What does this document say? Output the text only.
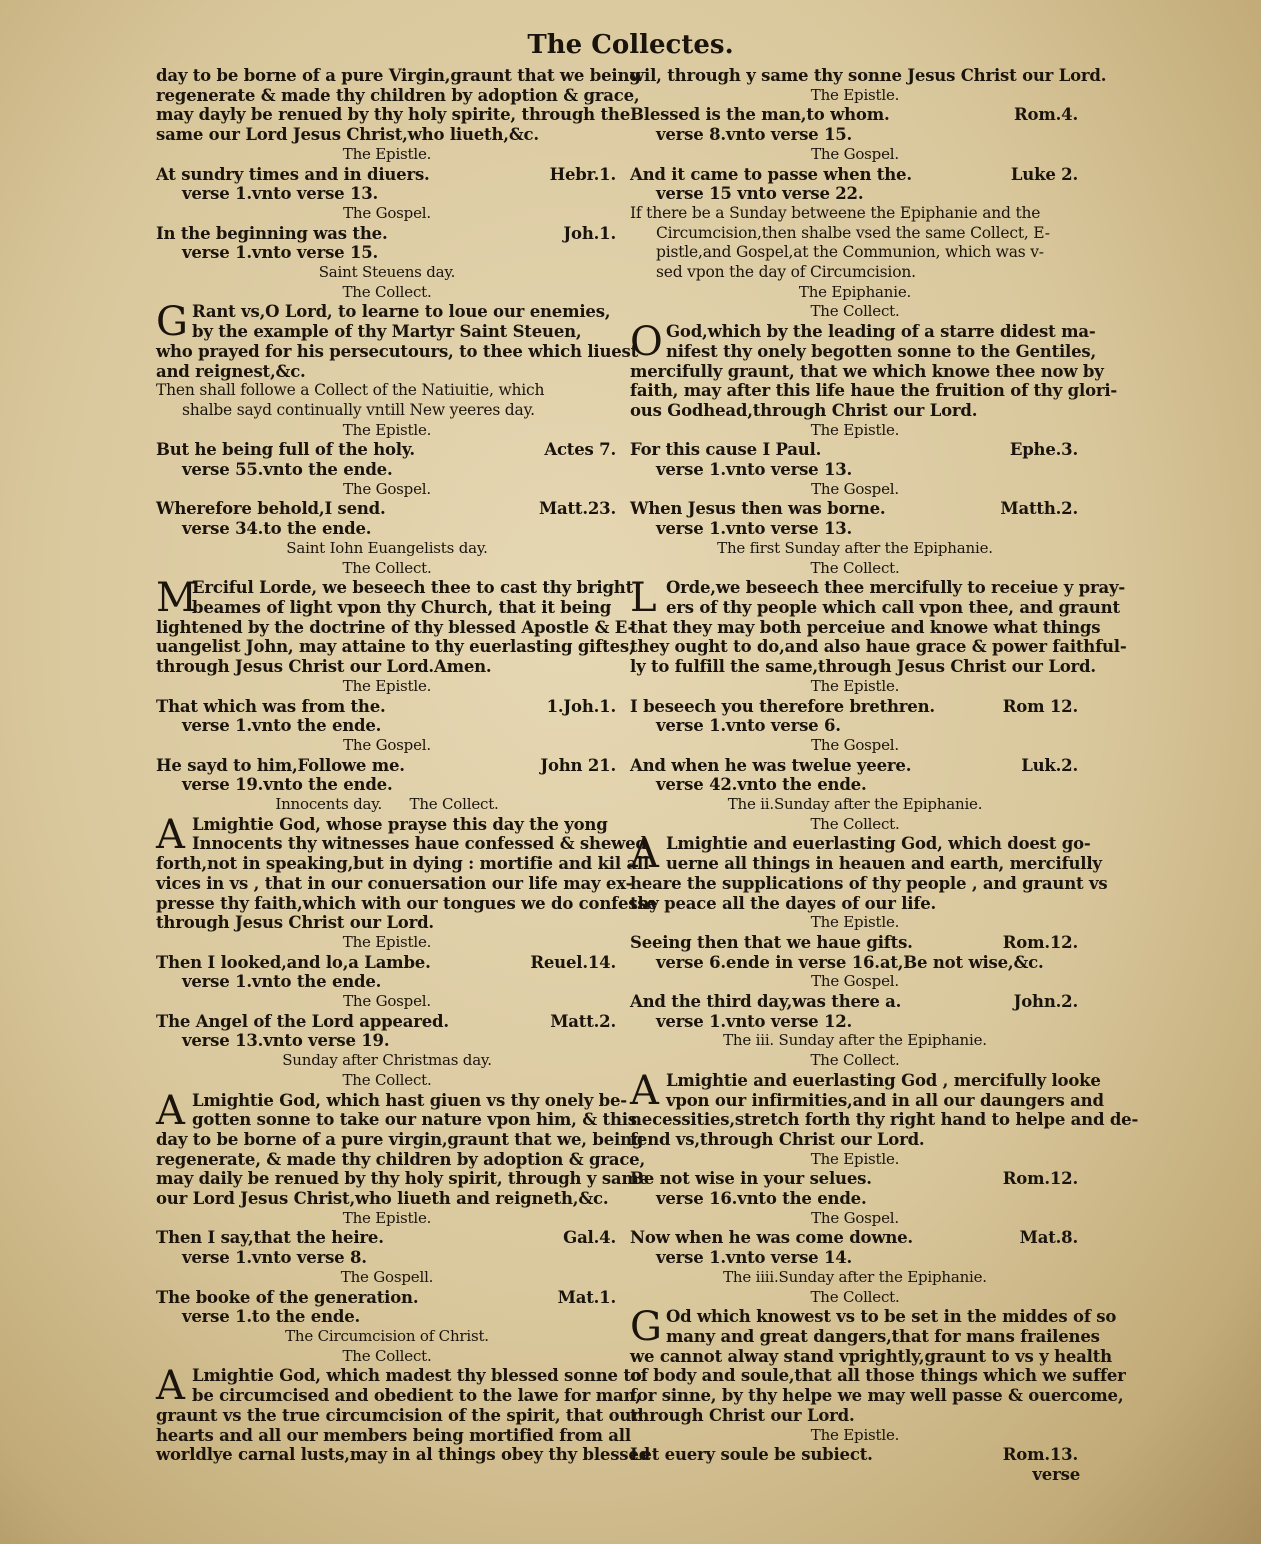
The Collectes.
day to be borne of a pure Virgin,graunt that we being
regenerate & made thy children by adoption & grace,
may dayly be renued by thy holy spirite, through the
same our Lord Jesus Christ,who liueth,&c.
The Epistle.
At sundry times and in diuers.	Hebr.1.
verse 1.vnto verse 13.
The Gospel.
In the beginning was the.	Joh.1.
verse 1.vnto verse 15.
Saint Steuens day.
The Collect.
G Rant vs,O Lord, to learne to loue our enemies,
by the example of thy Martyr Saint Steuen,
who prayed for his persecutours, to thee which liuest
and reignest,&c.
Then shall followe a Collect of the Natiuitie, which
shalbe sayd continually vntill New yeeres day.
The Epistle.
But he being full of the holy.	Actes 7.
verse 55.vnto the ende.
The Gospel.
Wherefore behold,I send.	Matt.23.
verse 34.to the ende.
Saint Iohn Euangelists day.
The Collect.
M
Erciful Lorde, we beseech thee to cast thy bright
beames of light vpon thy Church, that it being
lightened by the doctrine of thy blessed Apostle & E-
uangelist John, may attaine to thy euerlasting giftes,
through Jesus Christ our Lord.Amen.
The Epistle.
That which was from the.	1.Joh.1.
verse 1.vnto the ende.
The Gospel.
He sayd to him,Followe me.	John 21.
verse 19.vnto the ende.
Innocents day. The Collect.
A Lmightie God, whose prayse this day the yong
Innocents thy witnesses haue confessed & shewed
forth,not in speaking,but in dying : mortifie and kil all
vices in vs , that in our conuersation our life may ex-
presse thy faith,which with our tongues we do confesse
through Jesus Christ our Lord.
The Epistle.
Then I looked,and lo,a Lambe.	Reuel.14.
verse 1.vnto the ende.
The Gospel.
The Angel of the Lord appeared.	Matt.2.
verse 13.vnto verse 19.
Sunday after Christmas day.
The Collect.
A Lmightie God, which hast giuen vs thy onely be-
gotten sonne to take our nature vpon him, & this
day to be borne of a pure virgin,graunt that we, being
regenerate, & made thy children by adoption & grace,
may daily be renued by thy holy spirit, through y same
our Lord Jesus Christ,who liueth and reigneth,&c.
The Epistle.
Then I say,that the heire.	Gal.4.
verse 1.vnto verse 8.
The Gospell.
The booke of the generation.	Mat.1.
verse 1.to the ende.
The Circumcision of Christ.
The Collect.
A Lmightie God, which madest thy blessed sonne to
be circumcised and obedient to the lawe for man,
graunt vs the true circumcision of the spirit, that our
hearts and all our members being mortified from all
worldlye carnal lusts,may in al things obey thy blessed
wil, through y same thy sonne Jesus Christ our Lord.
The Epistle.
Blessed is the man,to whom.	Rom.4.
verse 8.vnto verse 15.
The Gospel.
And it came to passe when the.	Luke 2.
verse 15 vnto verse 22.
If there be a Sunday betweene the Epiphanie and the
Circumcision,then shalbe vsed the same Collect, E-
pistle,and Gospel,at the Communion, which was v-
sed vpon the day of Circumcision.
The Epiphanie.
The Collect.
O God,which by the leading of a starre didest ma-
nifest thy onely begotten sonne to the Gentiles,
mercifully graunt, that we which knowe thee now by
faith, may after this life haue the fruition of thy glori-
ous Godhead,through Christ our Lord.
The Epistle.
For this cause I Paul.	Ephe.3.
verse 1.vnto verse 13.
The Gospel.
When Jesus then was borne.	Matth.2.
verse 1.vnto verse 13.
The first Sunday after the Epiphanie.
The Collect.
L Orde,we beseech thee mercifully to receiue y pray-
ers of thy people which call vpon thee, and graunt
that they may both perceiue and knowe what things
they ought to do,and also haue grace & power faithful-
ly to fulfill the same,through Jesus Christ our Lord.
The Epistle.
I beseech you therefore brethren.	Rom 12.
verse 1.vnto verse 6.
The Gospel.
And when he was twelue yeere.	Luk.2.
verse 42.vnto the ende.
The ii.Sunday after the Epiphanie.
The Collect.
A Lmightie and euerlasting God, which doest go-
uerne all things in heauen and earth, mercifully
heare the supplications of thy people , and graunt vs
thy peace all the dayes of our life.
The Epistle.
Seeing then that we haue gifts.	Rom.12.
verse 6.ende in verse 16.at,Be not wise,&c.
The Gospel.
And the third day,was there a.	John.2.
verse 1.vnto verse 12.
The iii. Sunday after the Epiphanie.
The Collect.
A Lmightie and euerlasting God , mercifully looke
vpon our infirmities,and in all our daungers and
necessities,stretch forth thy right hand to helpe and de-
fend vs,through Christ our Lord.
The Epistle.
Be not wise in your selues.	Rom.12.
verse 16.vnto the ende.
The Gospel.
Now when he was come downe.	Mat.8.
verse 1.vnto verse 14.
The iiii.Sunday after the Epiphanie.
The Collect.
G Od which knowest vs to be set in the middes of so
many and great dangers,that for mans frailenes
we cannot alway stand vprightly,graunt to vs y health
of body and soule,that all those things which we suffer
for sinne, by thy helpe we may well passe & ouercome,
through Christ our Lord.
The Epistle.
Let euery soule be subiect.	Rom.13.
verse
